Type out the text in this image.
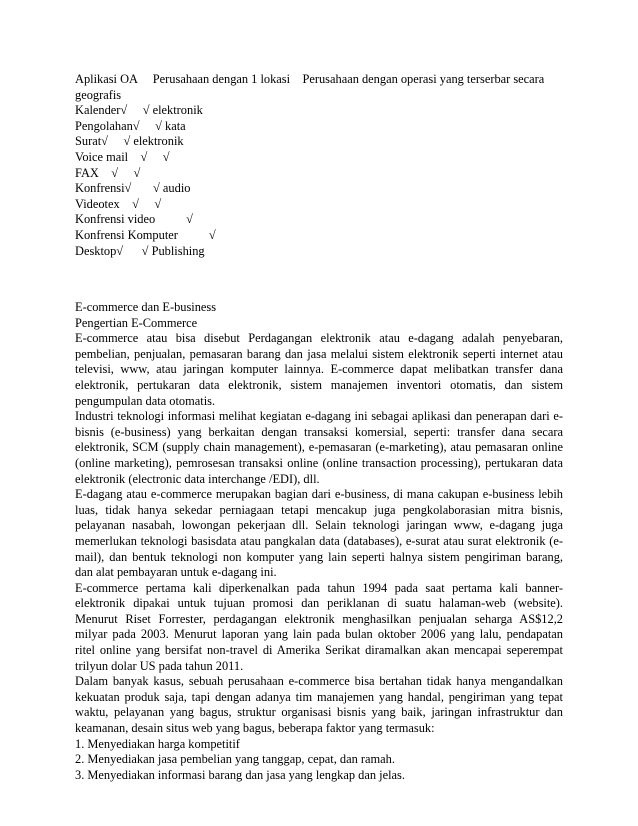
Aplikasi OA     Perusahaan dengan 1 lokasi    Perusahaan dengan operasi yang terserbar secara
geografis
Kalender√     √ elektronik
Pengolahan√     √ kata
Surat√     √ elektronik
Voice mail    √     √
FAX    √     √
Konfrensi√       √ audio
Videotex    √     √
Konfrensi video          √
Konfrensi Komputer          √
Desktop√      √ Publishing
E-commerce dan E-business
Pengertian E-Commerce
E-commerce atau bisa disebut Perdagangan elektronik atau e-dagang adalah penyebaran,
pembelian, penjualan, pemasaran barang dan jasa melalui sistem elektronik seperti internet atau
televisi, www, atau jaringan komputer lainnya. E-commerce dapat melibatkan transfer dana
elektronik, pertukaran data elektronik, sistem manajemen inventori otomatis, dan sistem
pengumpulan data otomatis.
Industri teknologi informasi melihat kegiatan e-dagang ini sebagai aplikasi dan penerapan dari e-
bisnis (e-business) yang berkaitan dengan transaksi komersial, seperti: transfer dana secara
elektronik, SCM (supply chain management), e-pemasaran (e-marketing), atau pemasaran online
(online marketing), pemrosesan transaksi online (online transaction processing), pertukaran data
elektronik (electronic data interchange /EDI), dll.
E-dagang atau e-commerce merupakan bagian dari e-business, di mana cakupan e-business lebih
luas, tidak hanya sekedar perniagaan tetapi mencakup juga pengkolaborasian mitra bisnis,
pelayanan nasabah, lowongan pekerjaan dll. Selain teknologi jaringan www, e-dagang juga
memerlukan teknologi basisdata atau pangkalan data (databases), e-surat atau surat elektronik (e-
mail), dan bentuk teknologi non komputer yang lain seperti halnya sistem pengiriman barang,
dan alat pembayaran untuk e-dagang ini.
E-commerce pertama kali diperkenalkan pada tahun 1994 pada saat pertama kali banner-
elektronik dipakai untuk tujuan promosi dan periklanan di suatu halaman-web (website).
Menurut Riset Forrester, perdagangan elektronik menghasilkan penjualan seharga AS$12,2
milyar pada 2003. Menurut laporan yang lain pada bulan oktober 2006 yang lalu, pendapatan
ritel online yang bersifat non-travel di Amerika Serikat diramalkan akan mencapai seperempat
trilyun dolar US pada tahun 2011.
Dalam banyak kasus, sebuah perusahaan e-commerce bisa bertahan tidak hanya mengandalkan
kekuatan produk saja, tapi dengan adanya tim manajemen yang handal, pengiriman yang tepat
waktu, pelayanan yang bagus, struktur organisasi bisnis yang baik, jaringan infrastruktur dan
keamanan, desain situs web yang bagus, beberapa faktor yang termasuk:
1. Menyediakan harga kompetitif
2. Menyediakan jasa pembelian yang tanggap, cepat, dan ramah.
3. Menyediakan informasi barang dan jasa yang lengkap dan jelas.
